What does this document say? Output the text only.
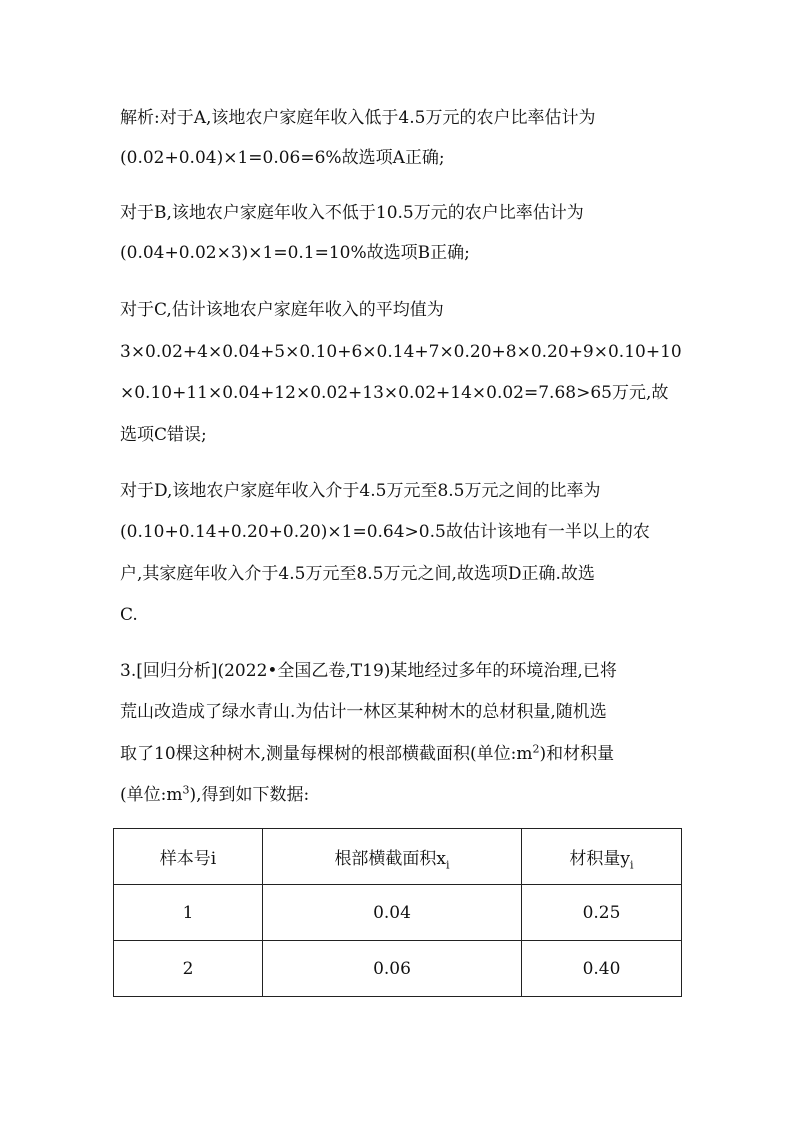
解析:对于A,该地农户家庭年收入低于4.5万元的农户比率估计为
(0.02+0.04)×1=0.06=6%故选项A正确;
对于B,该地农户家庭年收入不低于10.5万元的农户比率估计为
(0.04+0.02×3)×1=0.1=10%故选项B正确;
对于C,估计该地农户家庭年收入的平均值为
3×0.02+4×0.04+5×0.10+6×0.14+7×0.20+8×0.20+9×0.10+10
×0.10+11×0.04+12×0.02+13×0.02+14×0.02=7.68>65万元,故
选项C错误;
对于D,该地农户家庭年收入介于4.5万元至8.5万元之间的比率为
(0.10+0.14+0.20+0.20)×1=0.64>0.5故估计该地有一半以上的农
户,其家庭年收入介于4.5万元至8.5万元之间,故选项D正确.故选
C.
3.[回归分析](2022•全国乙卷,T19)某地经过多年的环境治理,已将
荒山改造成了绿水青山.为估计一林区某种树木的总材积量,随机选
取了10棵这种树木,测量每棵树的根部横截面积(单位$:m^2$)和材积量
(单位$:m^3$),得到如下数据:
样本号i	根部横截面积$x_i$	材积量$y_i$
1	0.04	0.25
2	0.06	0.40
